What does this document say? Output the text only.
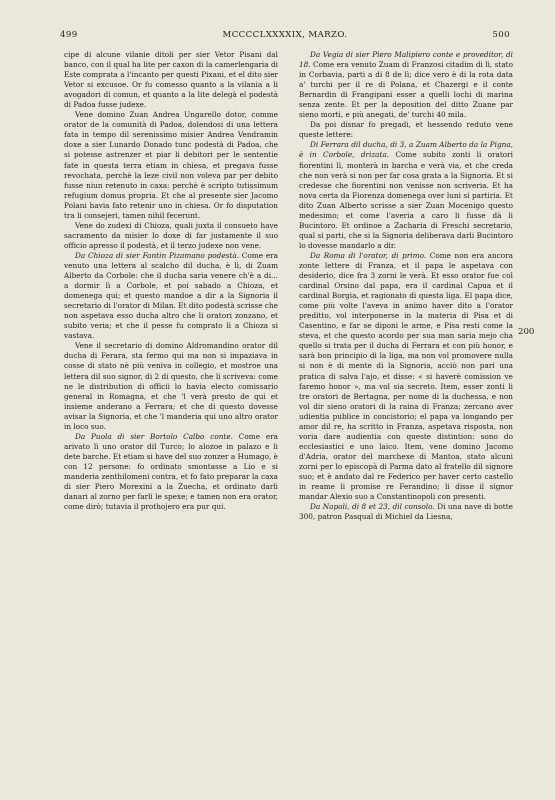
499	MCCCCLXXXXIX, MARZO.	500

cipe di alcune vilanie ditoli per sier Vetor Pisani dal banco, con il qual ha lite per caxon di la camerlengaria di Este comprata a l'incanto per questi Pixani, et el dito sier Vetor si excusoe. Or fu comesso quanto a la vilania a li avogadori di comun, et quanto a la lite delegà el podestà di Padoa fusse judexe.

Vene domino Zuan Andrea Ungarello dotor, comme orator de la comunità di Padoa, dolendosi di una lettera fata in tempo dil serenissimo misier Andrea Vendramin doxe a sier Lunardo Donado tunc podestà di Padoa, che si potesse astrenzer et piar li debitori per le sententie fate in questa terra etiam in chiesa, et pregava fusse revochata, perchè la leze civil non voleva par per debito fusse niun retenuto in caxa: perchè è scripto tutissimum refugium domus propria. Et che al presente sier Jacomo Polani havia fato retenir uno in chiesa. Or fo disputation tra li consejeri, tamen nihil fecerunt.

Vene do zudexi di Chioza, quali juxta il consueto have sacramento da misier lo doxe di far justamente il suo officio apresso il podestà, et il terzo judexe non vene.

Da Chioza di sier Fantin Pizamano podestà. Come era venuto una lettera al scalcho dil ducha, è lì, di Zuam Alberto da Corbole: che il ducha saria venere ch'è a di... a dormir lì a Corbole, et poi sabado a Chioza, et domenega qui; et questo mandoe a dir a la Signoria il secretario di l'orator di Milan. Et dito podestà scrisse che non aspetava esso ducha altro che li oratori zonzano, et subito veria; et che il pesse fu comprato lì a Chioza si vastava.

Vene il secretario di domino Aldromandino orator dil ducha di Ferara, sta fermo qui ma non si impaziava in cosse di stato nè più veniva in collegio, et mostroe una lettera dil suo signor, di 2 di questo, che li scriveva: come ne le distribution di officii lo havia electo comissario general in Romagna, et che 'l verà presto de qui et insieme anderano a Ferrara; et che di questo dovesse avisar la Signoria, et che 'l manderia qui uno altro orator in loco suo.

Da Puola di sier Bortolo Calbo conte. Come era arivato lì uno orator dil Turco; lo alozoe in palazo e li dete barche. Et etiam si have del suo zonzer a Humago, è con 12 persone: fo ordinato smontasse a Lio e si manderia zenthilomeni contra, et fo fato preparar la caxa di sier Piero Morexini a la Zuecha, et ordinato darli danari al zorno per farli le spexe; e tamen non era orator, come dirò; tutavia il prothojero era pur qui.

Da Vegia di sier Piero Malipiero conte e proveditor, di 18. Come era venuto Zuam di Franzosi citadim di lì, stato in Corbavia, parti a di 8 de lì; dice vero è di la rota data a' turchi per il re di Polana, et Chazergi e il conte Bernardin di Frangipani esser a quelli lochi di marina senza zente. Et per la deposition del ditto Zuane par sieno morti, e più anegati, de' turchi 40 mila.

Da poi disnar fo pregadi, et hessendo reduto vene queste lettere:

Di Ferrara dil ducha, di 3, a Zuam Alberto da la Pigna, è in Corbole, drizata. Come subito zonti li oratori fiorentini lì, monterà in barcha e verà via, et che creda che non verà si non per far cosa grata a la Signoria. Et si credesse che fiorentini non venisse non scriveria. Et ha nova certa da Fiorenza domenega over luni si partiria. Et dito Zuan Alberto scrisse a sier Zuan Mocenigo questo medesimo; et come l'averia a caro li fusse dà li Bucintoro. Et ordinoe a Zacharia di Freschi secretario, qual si parti, che si la Signoria deliberava darli Bucintoro lo dovesse mandarlo a dir.

Da Roma di l'orator, di primo. Come non era ancora zonte lettere di Franza, et il papa le aspetava con desiderio, dice fra 3 zorni le verà. Et esso orator fue col cardinal Orsino dal papa, era il cardinal Capua et il cardinal Borgia, et ragionato di questa liga. El papa dice, come più volte l'aveva in animo haver dito a l'orator preditto, vol interponerse in la materia di Pisa et di Casentino, e far se diponi le arme, e Pisa resti come la steva, et che questo acordo per sua man saria mejo cha quello si trata per il ducha di Ferrara et con più honor, e sarà bon principio di la liga, ma non vol promovere nulla si non è di mente di la Signoria, acciò non pari una pratica di salva l'ajo, et disse: « si haverè comission ve faremo honor », ma vol sia secreto. Item, esser zonti li tre oratori de Bertagna, per nome di la duchessa, e non vol dir sieno oratori di la raina di Franza; zercano aver udientia publice in concistorio; el papa va longando per amor dil re, ha scritto in Franza, aspetava risposta, non voria dare audientia con queste distintion: sono do ecclesiastici e uno laico. Item, vene domino Jacomo d'Adria, orator del marchexe di Mantoa, stato alcuni zorni per lo episcopà di Parma dato al fratello dil signore suo; et è andato dal re Federico per haver certo castello in reame li promise re Ferandino; li disse il signor mandar Alexio suo a Constantinopoli con presenti.

Da Napoli, di 8 et 23, dil consolo. Di una nave di botte 300, patron Pasqual di Michiel da Liesna,

200
